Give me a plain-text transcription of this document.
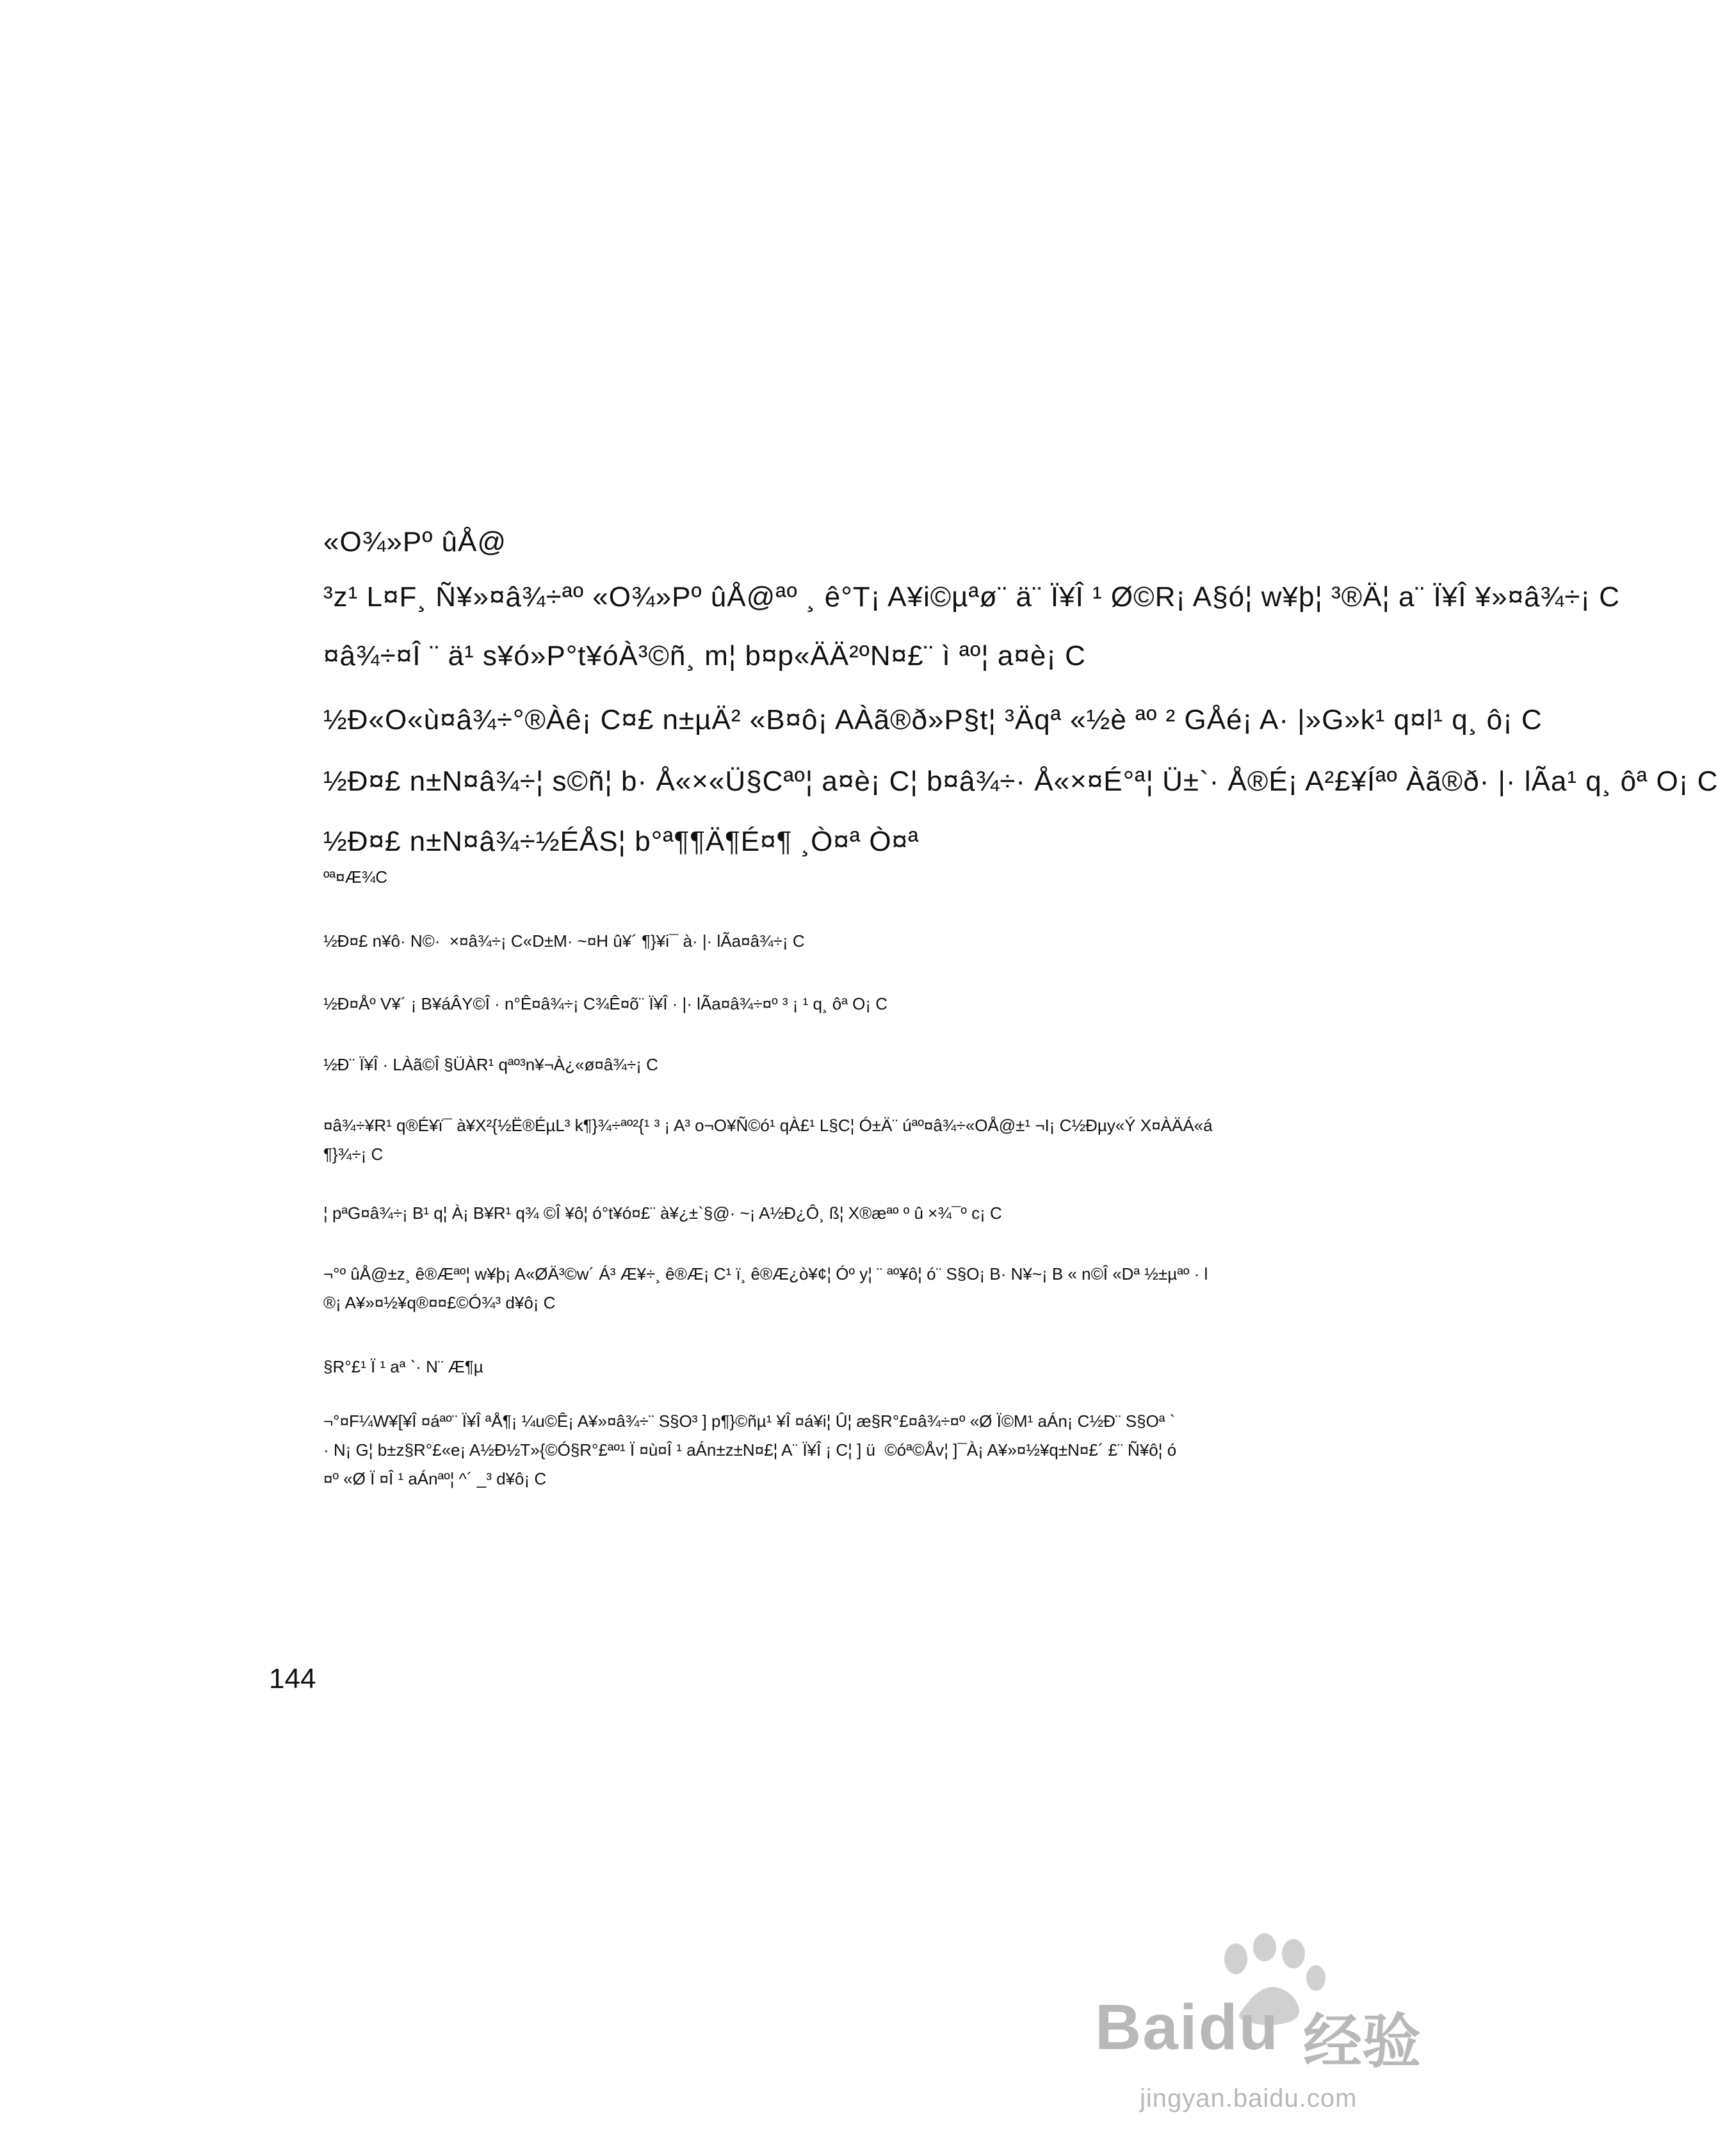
«O¾»Pº ûÅ@
³z¹ L¤F¸ Ñ¥»¤â¾÷ªº «O¾»Pº ûÅ@ªº ¸ ê°T¡ A¥i©µªø¨ ä¨ Ï¥Î ¹ Ø©R¡ A§ó¦ w¥þ¦ ³®Ä¦ a¨ Ï¥Î ¥»¤â¾÷¡ C
¤â¾÷¤Î ¨ ä¹ s¥ó»P°t¥óÀ³©ñ¸ m¦ b¤p«ÄÄ²ºN¤£¨ ì ªº¦ a¤è¡ C
½Ð«O«ù¤â¾÷°®Àê¡ C¤£ n±µÄ² «B¤ô¡ AÀã®ð»P§t¦ ³Äqª «½è ªº ² GÅé¡ A· |»G»k¹ q¤l¹ q¸ ô¡ C
½Ð¤£ n±N¤â¾÷¦ s©ñ¦ b· Å«×«Ü§Cªº¦ a¤è¡ C¦ b¤â¾÷· Å«×¤É°ª¦ Ü±`· Å®É¡ A²£¥Íªº Àã®ð· |· lÃa¹ q¸ ôª O¡ C
½Ð¤£ n±N¤â¾÷½ÉÅS¦ b°ª¶¶Ä¶É¤¶ ¸Ò¤ª Ò¤ª
ºª¤Æ¾C
½Ð¤£ n¥ô· N©· ×¤â¾÷¡ C«D±M· ~¤H û¥´ ¶}¥i¯ à· |· lÃa¤â¾÷¡ C
½Ð¤Åº V¥´ ¡ B¥áÂY©Î · n°Ê¤â¾÷¡ C¾Ê¤õ¨ Ï¥Î · |· lÃa¤â¾÷¤º ³ ¡ ¹ q¸ ôª O¡ C
½Ð¨ Ï¥Î · LÀã©Î §ÜÀR¹ qªº³n¥¬À¿«ø¤â¾÷¡ C
¤â¾÷¥R¹ q®É¥ï¯ à¥X²{½Ë®ÉµL³ k¶}¾÷ªº²{¹ ³ ¡ A³ o¬O¥Ñ©ó¹ qÀ£¹ L§C¦ Ó±Ä¨ úªº¤â¾÷«OÅ@±¹ ¬I¡ C½Ðµy«Ý X¤ÀÄÁ«á
¶}¾÷¡ C
¦ pªG¤â¾÷¡ B¹ q¦ À¡ B¥R¹ q¾ ©Î ¥ô¦ ó°t¥ó¤£¨ à¥¿±`§@· ~¡ A½Ð¿Ô¸ ß¦ X®æªº º û ×¾¯º c¡ C
¬°º ûÅ@±z¸ ê®Æªº¦ w¥þ¡ A«ØÄ³©w´ Á³ Æ¥÷¸ ê®Æ¡ C¹ ï¸ ê®Æ¿ò¥¢¦ Óº y¦ ¨ ªº¥ô¦ ó¨ S§O¡ B· N¥~¡ B « n©Î «Dª ½±µªº · l
®¡ A¥»¤½¥q®¤¤£©Ó¾³ d¥ô¡ C
§R°£¹ Ï ¹ aª `· N¨ Æ¶µ
¬°¤F¼W¥[¥Î ¤áªº¨ Ï¥Î ªÅ¶¡ ¼u©Ê¡ A¥»¤â¾÷¨ S§O³ ] p¶}©ñµ¹ ¥Î ¤á¥i¦ Û¦ æ§R°£¤â¾÷¤º «Ø Ï©M¹ aÁn¡ C½Ð¨ S§Oª `
· N¡ G¦ b±z§R°£«e¡ A½Ð½T»{©Ó§R°£ªº¹ Ï ¤ù¤Î ¹ aÁn±z±N¤£¦ A¨ Ï¥Î ¡ C¦ ] ü ©óª©Åv¦ ]¯À¡ A¥»¤½¥q±N¤£´ £¨ Ñ¥ô¦ ó
¤º «Ø Ï ¤Î ¹ aÁnªº¦ ^´ _³ d¥ô¡ C
144
Baidu 经验
jingyan.baidu.com
